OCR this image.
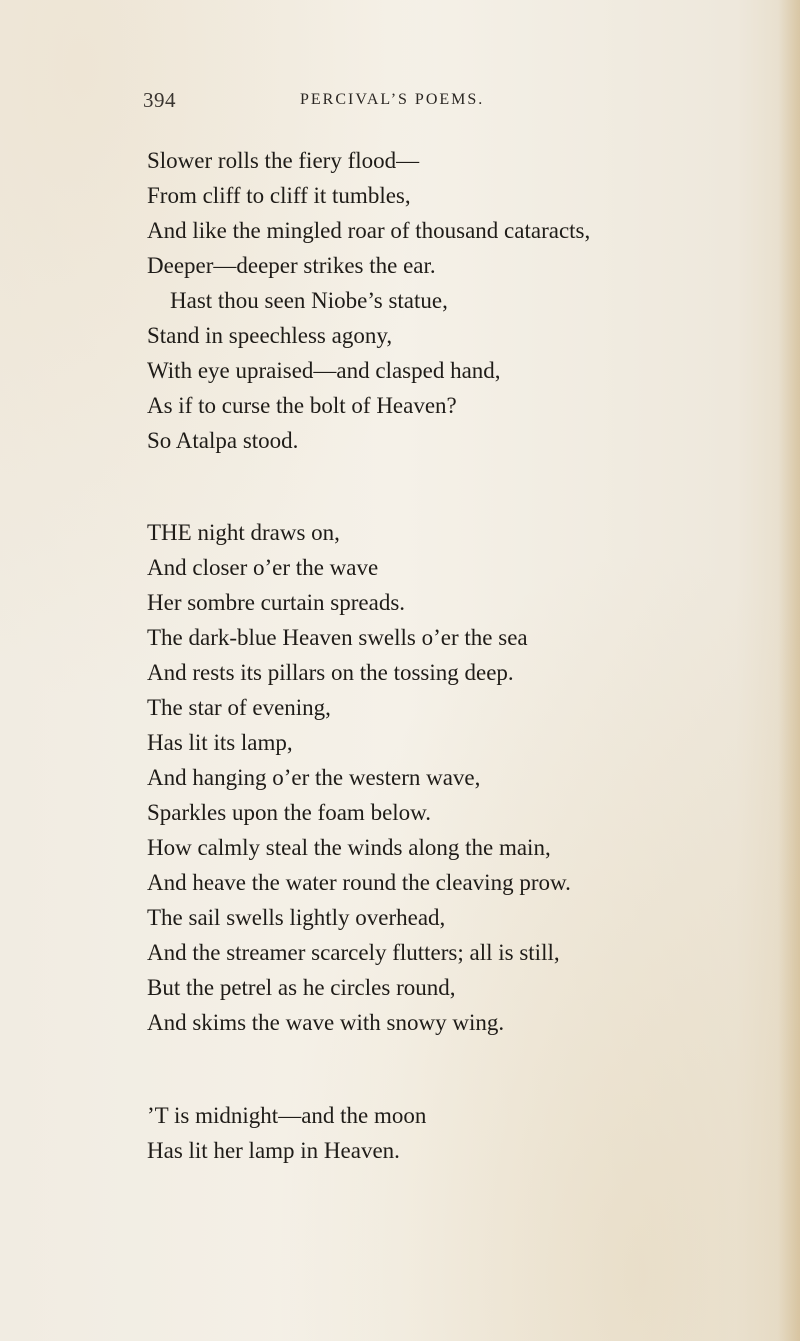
394	PERCIVAL’S POEMS.
Slower rolls the fiery flood—
From cliff to cliff it tumbles,
And like the mingled roar of thousand cataracts,
Deeper—deeper strikes the ear.
Hast thou seen Niobe’s statue,
Stand in speechless agony,
With eye upraised—and clasped hand,
As if to curse the bolt of Heaven?
So Atalpa stood.
THE night draws on,
And closer o’er the wave
Her sombre curtain spreads.
The dark-blue Heaven swells o’er the sea
And rests its pillars on the tossing deep.
The star of evening,
Has lit its lamp,
And hanging o’er the western wave,
Sparkles upon the foam below.
How calmly steal the winds along the main,
And heave the water round the cleaving prow.
The sail swells lightly overhead,
And the streamer scarcely flutters; all is still,
But the petrel as he circles round,
And skims the wave with snowy wing.
’T is midnight—and the moon
Has lit her lamp in Heaven.
